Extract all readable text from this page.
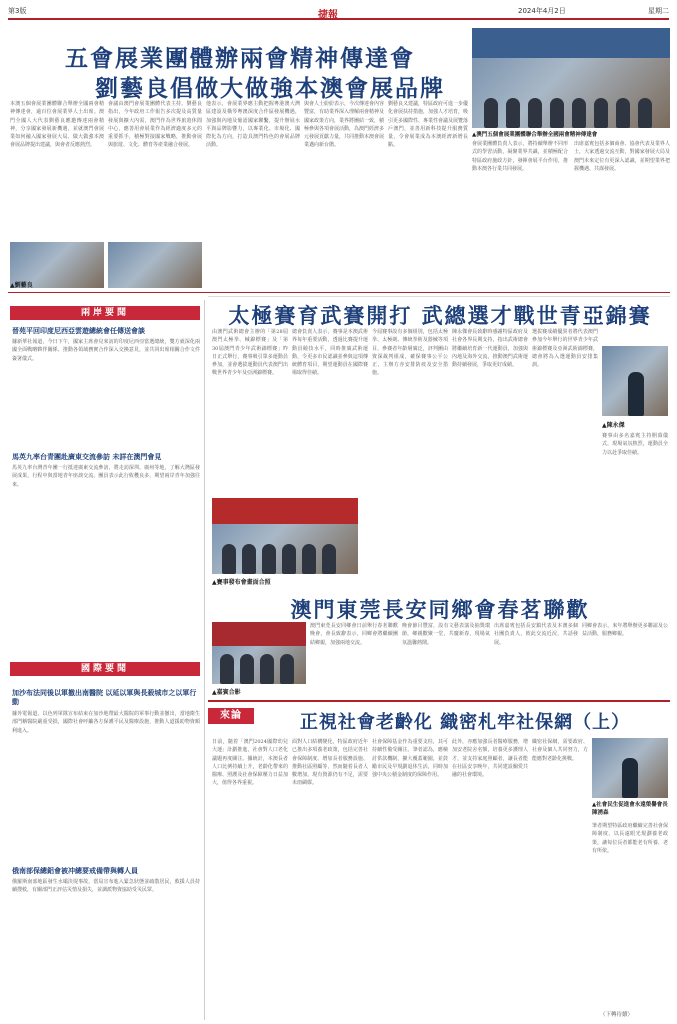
第3版	捷報	2024年4月2日	星期二
五會展業團體辦兩會精神傳達會
劉藝良倡做大做強本澳會展品牌
▲澳門五個會展業團體聯合舉辦全國兩會精神傳達會
本澳五個會展業團體聯合舉辦全國兩會精神傳達會，逾百位會展業界人士出席。澳門全國人大代表劉藝良應邀傳達兩會精神，分享國家發展新機遇，並就澳門會展業如何融入國家發展大局、做大做強本澳會展品牌提出建議，與會者反應熱烈。
會議由澳門會展業團體代表主持。劉藝良指出，今年政府工作報告多次提及高質量發展與擴大內需，澳門作為世界旅遊休閒中心，應善用會展業作為經濟適度多元的重要抓手，積極對接國家戰略，推動會展與旅遊、文化、體育等產業融合發展。
▲劉藝良
他表示，會展業界應主動把握粵港澳大灣區建設及橫琴粵澳深度合作區發展機遇，加強與內地及葡語國家聯繫，提升辦展水平與品牌影響力，以專業化、市場化、國際化為方向，打造具澳門特色的會展品牌活動。
與會人士紛紛表示，今次傳達會內容豐富，有助業界深入理解兩會精神及國家政策方向，業界將團結一致，積極參與各項會展活動，為澳門經濟多元發展貢獻力量，共同推動本澳會展業邁向新台階。
劉藝良又建議，特區政府可進一步優化會展扶持措施，加強人才培育，吸引更多國際性、專業性會議及展覽落戶澳門，並善用新科技提升服務質量，令會展業成為本澳經濟新增長點。	會展業團體負責人表示，將持續舉辦不同形式的學習活動，凝聚業界共識，並積極配合特區政府施政方針，發揮會展平台作用，推動本澳各行業共同發展。
出席嘉賓包括多個商會、協會代表及業界人士，大家透過交流互動，對國家發展大局及澳門未來定位有更深入認識，並期望業界把握機遇、共謀發展。
兩岸要聞
晉苑平回印度尼西亞雲遊總統會任傳送會談
據新華社報道，今日下午，國家主席會見來訪的印度尼西亞當選總統，雙方就深化兩國全面戰略夥伴關係、推動各領域務實合作深入交換意見，並共同出席相關合作文件簽署儀式。
馬英九率台青團赴廣東交流參訪 未詳在澳門會見
馬英九率台灣青年團一行抵達廣東交流參訪，將走訪深圳、廣州等地，了解大灣區發展成果，行程中與當地青年座談交流，團員表示此行收穫良多，期望兩岸青年加強往來。
國際要聞
加沙布法同後以軍撤出南醫院 以延以軍與長殺城市之以軍行動
據外電報道，以色列軍隊宣布結束在加沙地帶最大醫院的軍事行動並撤出，當地衛生部門稱醫院嚴重受損，國際社會呼籲各方保護平民及醫療設施，推動人道援助物資順利進入。
俄南部保總鋁會被冲總要戒備帶與轉人員
俄羅斯南部地區發生水壩決堤事故，當局宣布進入緊急狀態並疏散居民，救援人員持續搜救，有關部門正評估災情及損失，並調派物資協助受災民眾。
太極賽育武賽開打 武總選才戰世青亞錦賽
由澳門武術總會主辦的「第28屆澳門太極拳、械錦標賽」及「第30屆澳門青少年武術錦標賽」昨日正式舉行，賽事吸引眾多運動員參加，並會選拔運動員代表澳門出戰世界青少年及亞洲錦標賽。
總會負責人表示，賽事是本澳武術界每年重要活動，透過比賽提升運動員競技水平，同時推廣武術運動，令更多市民認識並參與這項傳統體育項目，期望運動員在國際賽場取得佳績。
今屆賽事設有多個組別，包括太極拳、太極劍、傳統拳術及器械等項目，參賽者年齡層廣泛，評判團由資深裁判組成，確保賽事公平公正，主辦方亦安排防疫及安全措施。
陳永傑會長致辭時感謝特區政府及社會各界長期支持，指出武術總會將繼續培育新一代運動員，加強與內地及海外交流，推動澳門武術運動持續發展，爭取更好成績。
選拔賽成績優異者將代表澳門參加今年舉行的世界青少年武術錦標賽及亞洲武術錦標賽，總會將為入選運動員安排集訓。
▲陳永傑
賽事由多名嘉賓主持開幕儀式，現場氣氛熱烈，運動員全力以赴爭取佳績。
▲賽事發布會畫面合照
澳門東莞長安同鄉會春茗聯歡
▲嘉賓合影
澳門東莞長安同鄉會日前舉行春茗聯歡晚會，會長致辭表示，同鄉會將繼續團結鄉親，加強兩地交流。
晚會節目豐富，設有文藝表演及抽獎環節，鄉親歡聚一堂，共慶新春，現場氣氛溫馨熱鬧。
出席嘉賓包括長安鎮代表及本澳多個社團負責人，彼此交流近況，共話發展。
同鄉會表示，來年將舉辦更多聯誼及公益活動，服務鄉親。
來論	正視社會老齡化 織密札牢社保網（上）
日前，隨着「澳門2024國際幼兒大運」計劃推進，社會對人口老化議題再度關注。據統計，本澳長者人口比例持續上升，老齡化帶來的醫療、照護及社會保障壓力日益加大，值得各界重視。
面對人口結構變化，特區政府近年已推出多項養老政策，包括完善社會保障制度、增加長者服務設施、推動社區照顧等，然而隨着長者人數增加，現有資源仍有不足，需要未雨綢繆。
社會保障基金作為重要支柱，其可持續性備受關注。筆者認為，應檢討供款機制，擴大覆蓋範圍，並鼓勵市民及早規劃退休生活，同時加強中央公積金制度的保障作用。
此外，亦應加強長者醫療服務，增加安老院舍名額，培養更多護理人才，並支持家庭照顧者，讓長者能在社區安享晚年，共同建設關愛共融的社會環境。
織密社保網，需要政府、社會及個人共同努力，方能應對老齡化挑戰。
▲社會民生促進會永遠榮譽會長陳湧森
筆者期望特區政府繼續完善社會保障制度，以長遠眼光規劃養老政策，讓每位長者都能老有所養、老有所依。
（下轉待續）
